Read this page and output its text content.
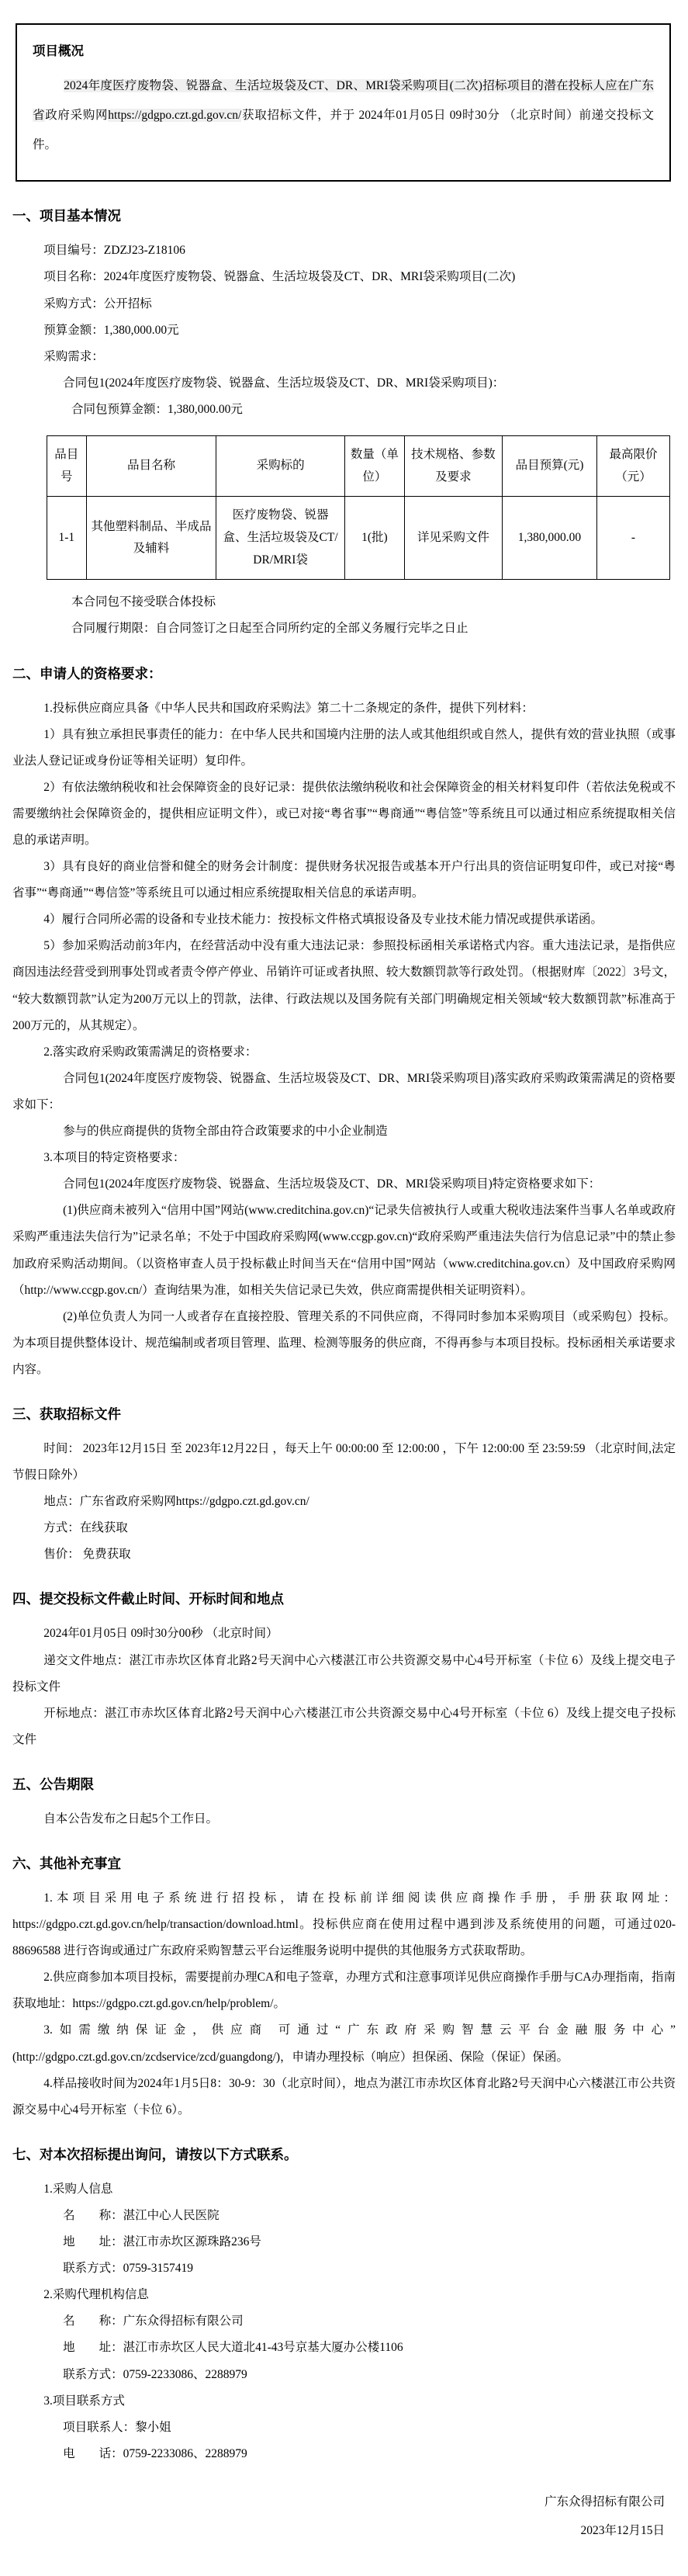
项目概况

2024年度医疗废物袋、锐器盒、生活垃圾袋及CT、DR、MRI袋采购项目(二次)招标项目的潜在投标人应在广东省政府采购网https://gdgpo.czt.gd.gov.cn/获取招标文件，并于 2024年01月05日 09时30分 （北京时间）前递交投标文件。

一、项目基本情况

项目编号：ZDZJ23-Z18106

项目名称：2024年度医疗废物袋、锐器盒、生活垃圾袋及CT、DR、MRI袋采购项目(二次)

采购方式：公开招标

预算金额：1,380,000.00元

采购需求：

合同包1(2024年度医疗废物袋、锐器盒、生活垃圾袋及CT、DR、MRI袋采购项目)：

合同包预算金额：1,380,000.00元

品目号	品目名称	采购标的	数量（单位）	技术规格、参数及要求	品目预算(元)	最高限价（元）
1-1	其他塑料制品、半成品及辅料	医疗废物袋、锐器盒、生活垃圾袋及CT/DR/MRI袋	1(批)	详见采购文件	1,380,000.00	-

本合同包不接受联合体投标

合同履行期限：自合同签订之日起至合同所约定的全部义务履行完毕之日止

二、申请人的资格要求：

1.投标供应商应具备《中华人民共和国政府采购法》第二十二条规定的条件，提供下列材料：

1）具有独立承担民事责任的能力：在中华人民共和国境内注册的法人或其他组织或自然人，提供有效的营业执照（或事业法人登记证或身份证等相关证明）复印件。

2）有依法缴纳税收和社会保障资金的良好记录：提供依法缴纳税收和社会保障资金的相关材料复印件（若依法免税或不需要缴纳社会保障资金的，提供相应证明文件），或已对接“粤省事”“粤商通”“粤信签”等系统且可以通过相应系统提取相关信息的承诺声明。

3）具有良好的商业信誉和健全的财务会计制度：提供财务状况报告或基本开户行出具的资信证明复印件，或已对接“粤省事”“粤商通”“粤信签”等系统且可以通过相应系统提取相关信息的承诺声明。

4）履行合同所必需的设备和专业技术能力：按投标文件格式填报设备及专业技术能力情况或提供承诺函。

5）参加采购活动前3年内，在经营活动中没有重大违法记录：参照投标函相关承诺格式内容。重大违法记录，是指供应商因违法经营受到刑事处罚或者责令停产停业、吊销许可证或者执照、较大数额罚款等行政处罚。（根据财库〔2022〕3号文，“较大数额罚款”认定为200万元以上的罚款，法律、行政法规以及国务院有关部门明确规定相关领域“较大数额罚款”标准高于200万元的，从其规定）。

2.落实政府采购政策需满足的资格要求：

合同包1(2024年度医疗废物袋、锐器盒、生活垃圾袋及CT、DR、MRI袋采购项目)落实政府采购政策需满足的资格要求如下：

参与的供应商提供的货物全部由符合政策要求的中小企业制造

3.本项目的特定资格要求：

合同包1(2024年度医疗废物袋、锐器盒、生活垃圾袋及CT、DR、MRI袋采购项目)特定资格要求如下：

(1)供应商未被列入“信用中国”网站(www.creditchina.gov.cn)“记录失信被执行人或重大税收违法案件当事人名单或政府采购严重违法失信行为”记录名单；不处于中国政府采购网(www.ccgp.gov.cn)“政府采购严重违法失信行为信息记录”中的禁止参加政府采购活动期间。（以资格审查人员于投标截止时间当天在“信用中国”网站（www.creditchina.gov.cn）及中国政府采购网（http://www.ccgp.gov.cn/）查询结果为准，如相关失信记录已失效，供应商需提供相关证明资料）。

(2)单位负责人为同一人或者存在直接控股、管理关系的不同供应商，不得同时参加本采购项目（或采购包）投标。为本项目提供整体设计、规范编制或者项目管理、监理、检测等服务的供应商，不得再参与本项目投标。投标函相关承诺要求内容。

三、获取招标文件

时间： 2023年12月15日 至 2023年12月22日 ，每天上午 00:00:00 至 12:00:00 ，下午 12:00:00 至 23:59:59 （北京时间,法定节假日除外）

地点：广东省政府采购网https://gdgpo.czt.gd.gov.cn/

方式：在线获取

售价： 免费获取

四、提交投标文件截止时间、开标时间和地点

2024年01月05日 09时30分00秒 （北京时间）

递交文件地点：湛江市赤坎区体育北路2号天润中心六楼湛江市公共资源交易中心4号开标室（卡位 6）及线上提交电子投标文件

开标地点：湛江市赤坎区体育北路2号天润中心六楼湛江市公共资源交易中心4号开标室（卡位 6）及线上提交电子投标文件

五、公告期限

自本公告发布之日起5个工作日。

六、其他补充事宜

1.本项目采用电子系统进行招投标，请在投标前详细阅读供应商操作手册，手册获取网址：https://gdgpo.czt.gd.gov.cn/help/transaction/download.html。投标供应商在使用过程中遇到涉及系统使用的问题，可通过020-88696588 进行咨询或通过广东政府采购智慧云平台运维服务说明中提供的其他服务方式获取帮助。

2.供应商参加本项目投标，需要提前办理CA和电子签章，办理方式和注意事项详见供应商操作手册与CA办理指南，指南获取地址：https://gdgpo.czt.gd.gov.cn/help/problem/。

3.如需缴纳保证金，供应商 可通过“广东政府采购智慧云平台金融服务中心”(http://gdgpo.czt.gd.gov.cn/zcdservice/zcd/guangdong/)，申请办理投标（响应）担保函、保险（保证）保函。

4.样品接收时间为2024年1月5日8：30-9：30（北京时间），地点为湛江市赤坎区体育北路2号天润中心六楼湛江市公共资源交易中心4号开标室（卡位 6）。

七、对本次招标提出询问，请按以下方式联系。

1.采购人信息

名　　称：湛江中心人民医院

地　　址：湛江市赤坎区源珠路236号

联系方式：0759-3157419

2.采购代理机构信息

名　　称：广东众得招标有限公司

地　　址：湛江市赤坎区人民大道北41-43号京基大厦办公楼1106

联系方式：0759-2233086、2288979

3.项目联系方式

项目联系人：黎小姐

电　　话：0759-2233086、2288979

广东众得招标有限公司

2023年12月15日
